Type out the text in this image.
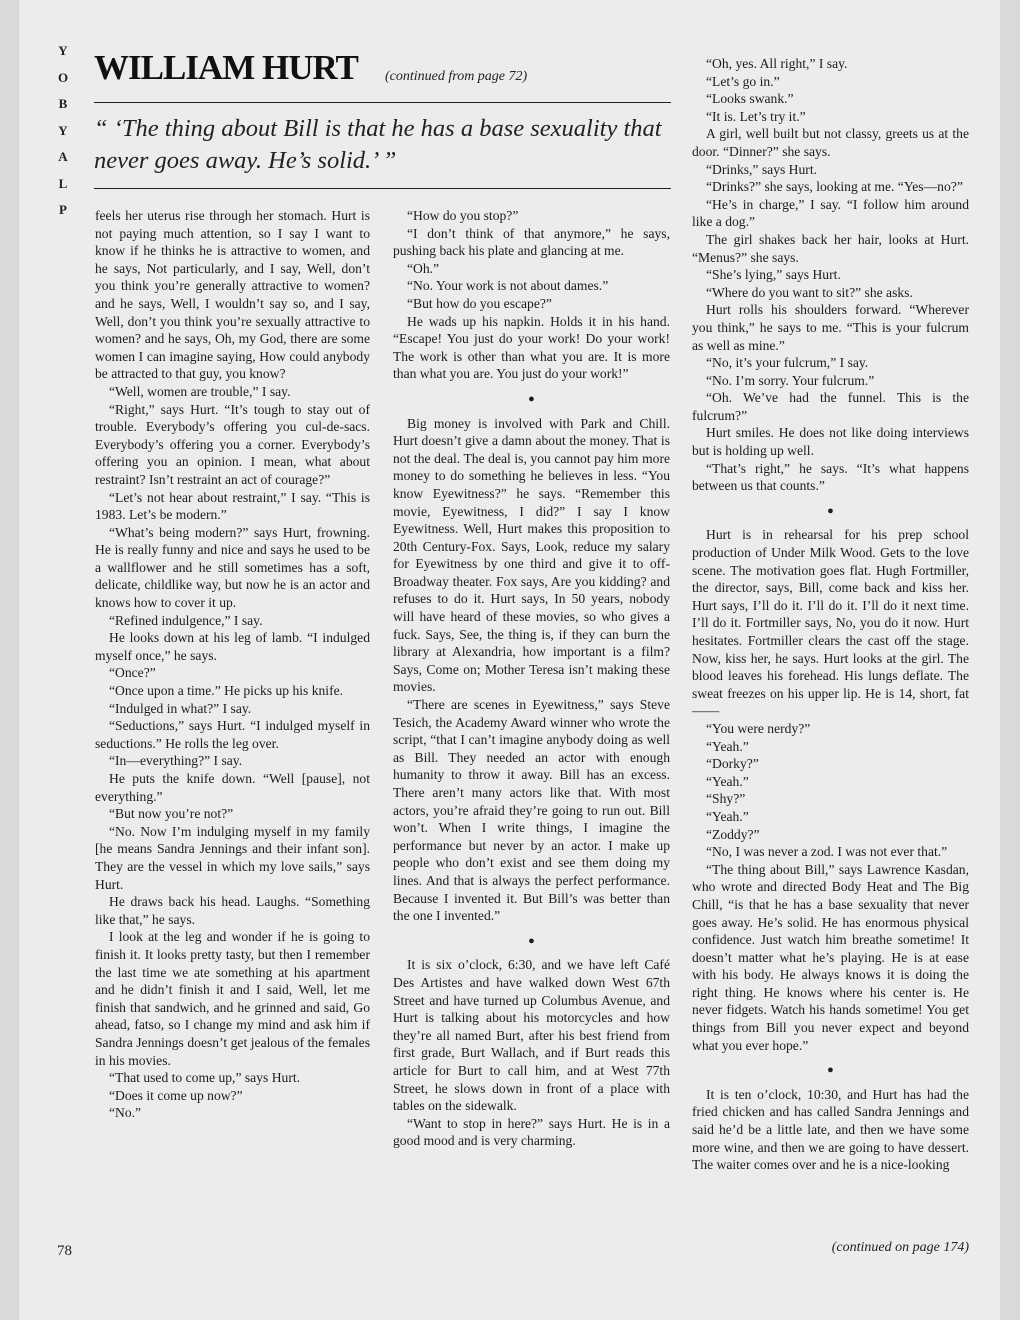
Y
O
B
Y
A
L
P
WILLIAM HURT (continued from page 72)
“ ‘The thing about Bill is that he has a base sexuality that never goes away. He’s solid.’ ”

feels her uterus rise through her stomach. Hurt is not paying much attention, so I say I want to know if he thinks he is attractive to women, and he says, Not particularly, and I say, Well, don’t you think you’re generally attractive to women? and he says, Well, I wouldn’t say so, and I say, Well, don’t you think you’re sexually attractive to women? and he says, Oh, my God, there are some women I can imagine saying, How could anybody be attracted to that guy, you know?

“Well, women are trouble,” I say.

“Right,” says Hurt. “It’s tough to stay out of trouble. Everybody’s offering you cul-de-sacs. Everybody’s offering you a corner. Everybody’s offering you an opinion. I mean, what about restraint? Isn’t restraint an act of courage?”

“Let’s not hear about restraint,” I say. “This is 1983. Let’s be modern.”

“What’s being modern?” says Hurt, frowning. He is really funny and nice and says he used to be a wallflower and he still sometimes has a soft, delicate, childlike way, but now he is an actor and knows how to cover it up.

“Refined indulgence,” I say.

He looks down at his leg of lamb. “I indulged myself once,” he says.

“Once?”

“Once upon a time.” He picks up his knife.

“Indulged in what?” I say.

“Seductions,” says Hurt. “I indulged myself in seductions.” He rolls the leg over.

“In—everything?” I say.

He puts the knife down. “Well [pause], not everything.”

“But now you’re not?”

“No. Now I’m indulging myself in my family [he means Sandra Jennings and their infant son]. They are the vessel in which my love sails,” says Hurt.

He draws back his head. Laughs. “Something like that,” he says.

I look at the leg and wonder if he is going to finish it. It looks pretty tasty, but then I remember the last time we ate something at his apartment and he didn’t finish it and I said, Well, let me finish that sandwich, and he grinned and said, Go ahead, fatso, so I change my mind and ask him if Sandra Jennings doesn’t get jealous of the females in his movies.

“That used to come up,” says Hurt.

“Does it come up now?”

“No.”

“How do you stop?”

“I don’t think of that anymore,” he says, pushing back his plate and glancing at me.

“Oh.”

“No. Your work is not about dames.”

“But how do you escape?”

He wads up his napkin. Holds it in his hand. “Escape! You just do your work! Do your work! The work is other than what you are. It is more than what you are. You just do your work!”

●

Big money is involved with Park and Chill. Hurt doesn’t give a damn about the money. That is not the deal. The deal is, you cannot pay him more money to do something he believes in less. “You know Eyewitness?” he says. “Remember this movie, Eyewitness, I did?” I say I know Eyewitness. Well, Hurt makes this proposition to 20th Century-Fox. Says, Look, reduce my salary for Eyewitness by one third and give it to off-Broadway theater. Fox says, Are you kidding? and refuses to do it. Hurt says, In 50 years, nobody will have heard of these movies, so who gives a fuck. Says, See, the thing is, if they can burn the library at Alexandria, how important is a film? Says, Come on; Mother Teresa isn’t making these movies.

“There are scenes in Eyewitness,” says Steve Tesich, the Academy Award winner who wrote the script, “that I can’t imagine anybody doing as well as Bill. They needed an actor with enough humanity to throw it away. Bill has an excess. There aren’t many actors like that. With most actors, you’re afraid they’re going to run out. Bill won’t. When I write things, I imagine the performance but never by an actor. I make up people who don’t exist and see them doing my lines. And that is always the perfect performance. Because I invented it. But Bill’s was better than the one I invented.”

●

It is six o’clock, 6:30, and we have left Café Des Artistes and have walked down West 67th Street and have turned up Columbus Avenue, and Hurt is talking about his motorcycles and how they’re all named Burt, after his best friend from first grade, Burt Wallach, and if Burt reads this article for Burt to call him, and at West 77th Street, he slows down in front of a place with tables on the sidewalk.

“Want to stop in here?” says Hurt. He is in a good mood and is very charming.

“Oh, yes. All right,” I say.

“Let’s go in.”

“Looks swank.”

“It is. Let’s try it.”

A girl, well built but not classy, greets us at the door. “Dinner?” she says.

“Drinks,” says Hurt.

“Drinks?” she says, looking at me. “Yes—no?”

“He’s in charge,” I say. “I follow him around like a dog.”

The girl shakes back her hair, looks at Hurt. “Menus?” she says.

“She’s lying,” says Hurt.

“Where do you want to sit?” she asks.

Hurt rolls his shoulders forward. “Wherever you think,” he says to me. “This is your fulcrum as well as mine.”

“No, it’s your fulcrum,” I say.

“No. I’m sorry. Your fulcrum.”

“Oh. We’ve had the funnel. This is the fulcrum?”

Hurt smiles. He does not like doing interviews but is holding up well.

“That’s right,” he says. “It’s what happens between us that counts.”

●

Hurt is in rehearsal for his prep school production of Under Milk Wood. Gets to the love scene. The motivation goes flat. Hugh Fortmiller, the director, says, Bill, come back and kiss her. Hurt says, I’ll do it. I’ll do it. I’ll do it next time. I’ll do it. Fortmiller says, No, you do it now. Hurt hesitates. Fortmiller clears the cast off the stage. Now, kiss her, he says. Hurt looks at the girl. The blood leaves his forehead. His lungs deflate. The sweat freezes on his upper lip. He is 14, short, fat——

“You were nerdy?”

“Yeah.”

“Dorky?”

“Yeah.”

“Shy?”

“Yeah.”

“Zoddy?”

“No, I was never a zod. I was not ever that.”

“The thing about Bill,” says Lawrence Kasdan, who wrote and directed Body Heat and The Big Chill, “is that he has a base sexuality that never goes away. He’s solid. He has enormous physical confidence. Just watch him breathe sometime! It doesn’t matter what he’s playing. He is at ease with his body. He always knows it is doing the right thing. He knows where his center is. He never fidgets. Watch his hands sometime! You get things from Bill you never expect and beyond what you ever hope.”

●

It is ten o’clock, 10:30, and Hurt has had the fried chicken and has called Sandra Jennings and said he’d be a little late, and then we have some more wine, and then we are going to have dessert. The waiter comes over and he is a nice-looking

(continued on page 174)
78
